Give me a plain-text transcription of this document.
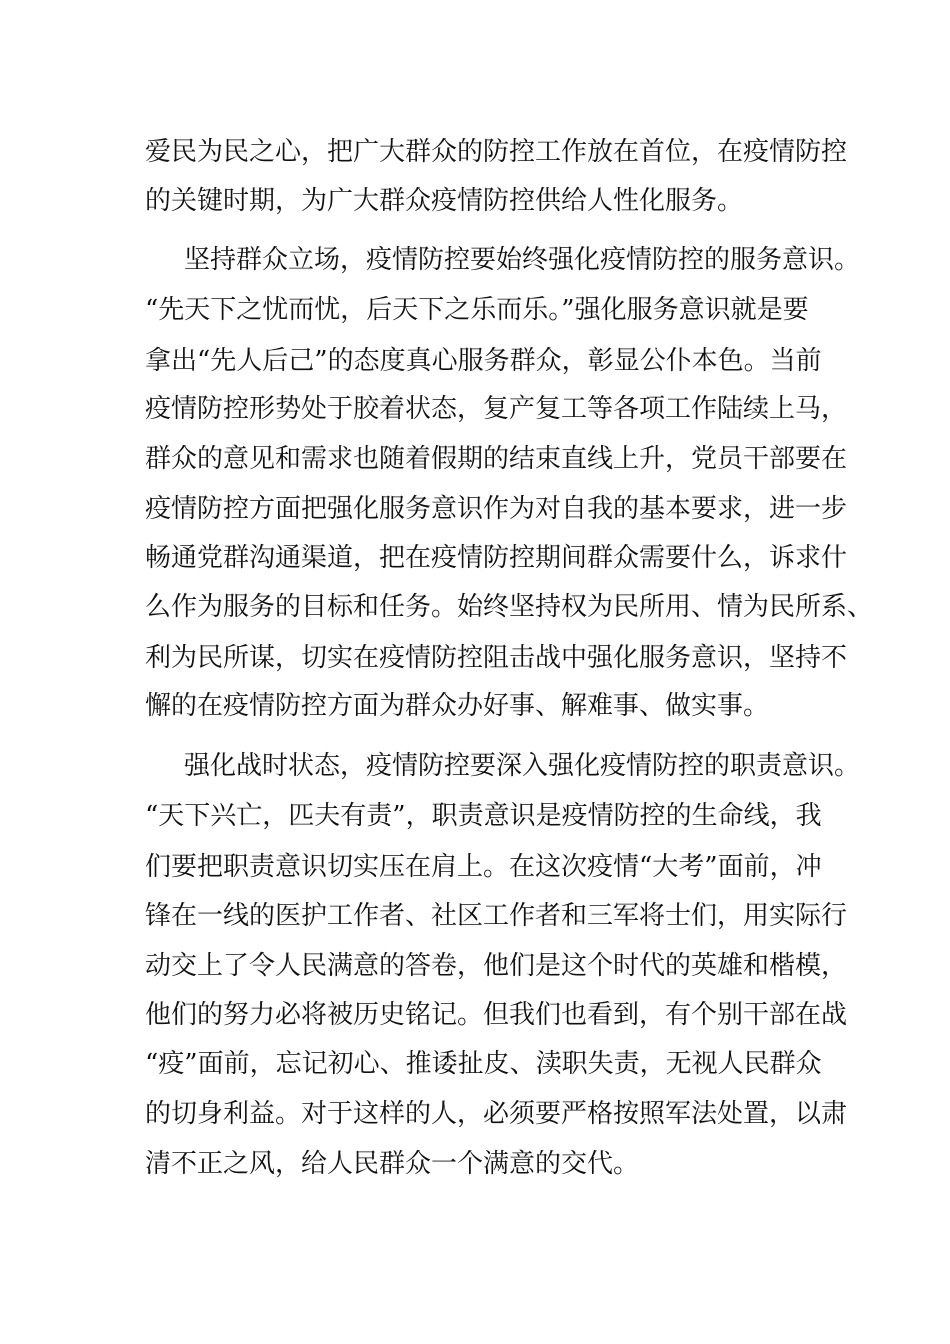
爱民为民之心，把广大群众的防控工作放在首位，在疫情防控
的关键时期，为广大群众疫情防控供给人性化服务。
坚持群众立场，疫情防控要始终强化疫情防控的服务意识。
“先天下之忧而忧，后天下之乐而乐。”强化服务意识就是要
拿出“先人后己”的态度真心服务群众，彰显公仆本色。当前
疫情防控形势处于胶着状态，复产复工等各项工作陆续上马，
群众的意见和需求也随着假期的结束直线上升，党员干部要在
疫情防控方面把强化服务意识作为对自我的基本要求，进一步
畅通党群沟通渠道，把在疫情防控期间群众需要什么，诉求什
么作为服务的目标和任务。始终坚持权为民所用、情为民所系、
利为民所谋，切实在疫情防控阻击战中强化服务意识，坚持不
懈的在疫情防控方面为群众办好事、解难事、做实事。
强化战时状态，疫情防控要深入强化疫情防控的职责意识。
“天下兴亡，匹夫有责”，职责意识是疫情防控的生命线，我
们要把职责意识切实压在肩上。在这次疫情“大考”面前，冲
锋在一线的医护工作者、社区工作者和三军将士们，用实际行
动交上了令人民满意的答卷，他们是这个时代的英雄和楷模，
他们的努力必将被历史铭记。但我们也看到，有个别干部在战
“疫”面前，忘记初心、推诿扯皮、渎职失责，无视人民群众
的切身利益。对于这样的人，必须要严格按照军法处置，以肃
清不正之风，给人民群众一个满意的交代。
